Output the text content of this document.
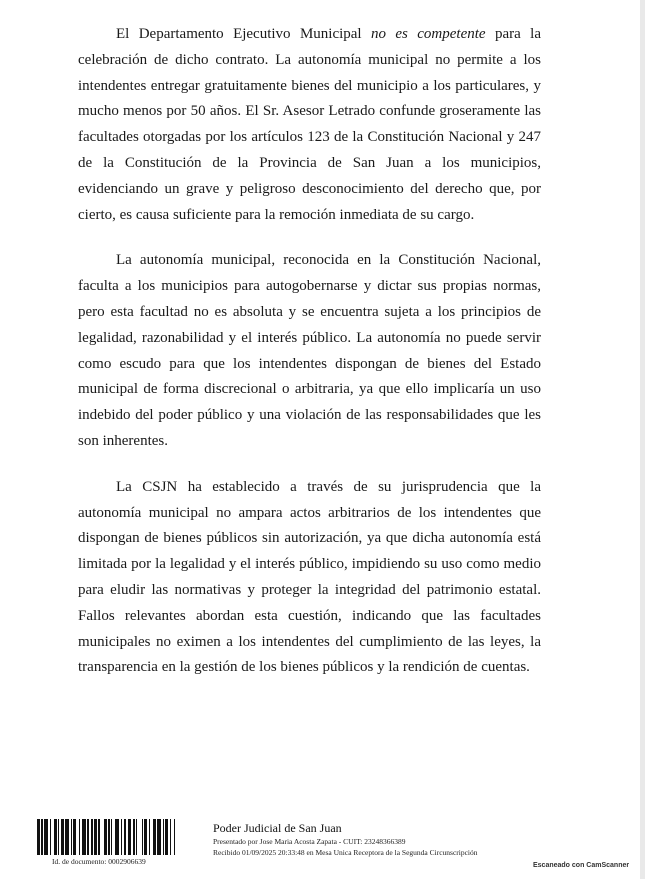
El Departamento Ejecutivo Municipal no es competente para la celebración de dicho contrato. La autonomía municipal no permite a los intendentes entregar gratuitamente bienes del municipio a los particulares, y mucho menos por 50 años. El Sr. Asesor Letrado confunde groseramente las facultades otorgadas por los artículos 123 de la Constitución Nacional y 247 de la Constitución de la Provincia de San Juan a los municipios, evidenciando un grave y peligroso desconocimiento del derecho que, por cierto, es causa suficiente para la remoción inmediata de su cargo.

La autonomía municipal, reconocida en la Constitución Nacional, faculta a los municipios para autogobernarse y dictar sus propias normas, pero esta facultad no es absoluta y se encuentra sujeta a los principios de legalidad, razonabilidad y el interés público. La autonomía no puede servir como escudo para que los intendentes dispongan de bienes del Estado municipal de forma discrecional o arbitraria, ya que ello implicaría un uso indebido del poder público y una violación de las responsabilidades que les son inherentes.

La CSJN ha establecido a través de su jurisprudencia que la autonomía municipal no ampara actos arbitrarios de los intendentes que dispongan de bienes públicos sin autorización, ya que dicha autonomía está limitada por la legalidad y el interés público, impidiendo su uso como medio para eludir las normativas y proteger la integridad del patrimonio estatal. Fallos relevantes abordan esta cuestión, indicando que las facultades municipales no eximen a los intendentes del cumplimiento de las leyes, la transparencia en la gestión de los bienes públicos y la rendición de cuentas.

Id. de documento: 0002906639
Poder Judicial de San Juan
Presentado por Jose Maria Acosta Zapata - CUIT: 23248366389
Recibido 01/09/2025 20:33:48 en Mesa Unica Receptora de la Segunda Circunscripción
Escaneado con CamScanner
